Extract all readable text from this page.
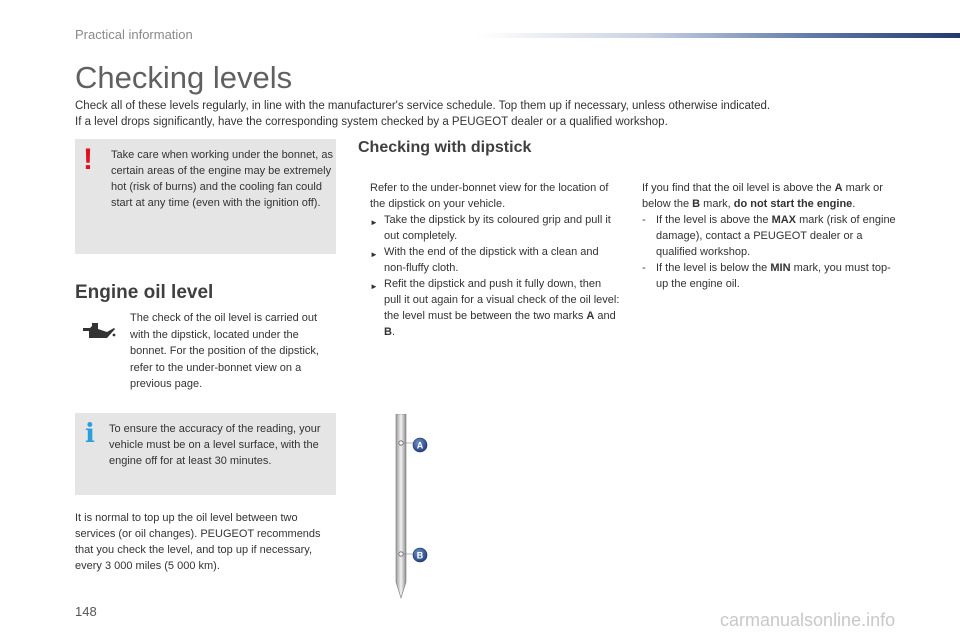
Practical information
Checking levels

Check all of these levels regularly, in line with the manufacturer's service schedule. Top them up if necessary, unless otherwise indicated.

If a level drops significantly, have the corresponding system checked by a PEUGEOT dealer or a qualified workshop.

! Take care when working under the bonnet, as certain areas of the engine may be extremely hot (risk of burns) and the cooling fan could start at any time (even with the ignition off).
Engine oil level
The check of the oil level is carried out with the dipstick, located under the bonnet. For the position of the dipstick, refer to the under-bonnet view on a previous page.
i To ensure the accuracy of the reading, your vehicle must be on a level surface, with the engine off for at least 30 minutes.
It is normal to top up the oil level between two services (or oil changes). PEUGEOT recommends that you check the level, and top up if necessary, every 3 000 miles (5 000 km).
Checking with dipstick

Refer to the under-bonnet view for the location of the dipstick on your vehicle.

► Take the dipstick by its coloured grip and pull it out completely.

► With the end of the dipstick with a clean and non-fluffy cloth.

► Refit the dipstick and push it fully down, then pull it out again for a visual check of the oil level: the level must be between the two marks A and B.

If you find that the oil level is above the A mark or below the B mark, do not start the engine.

- If the level is above the MAX mark (risk of engine damage), contact a PEUGEOT dealer or a qualified workshop.

- If the level is below the MIN mark, you must top-up the engine oil.

A
B
148	carmanualsonline.info
